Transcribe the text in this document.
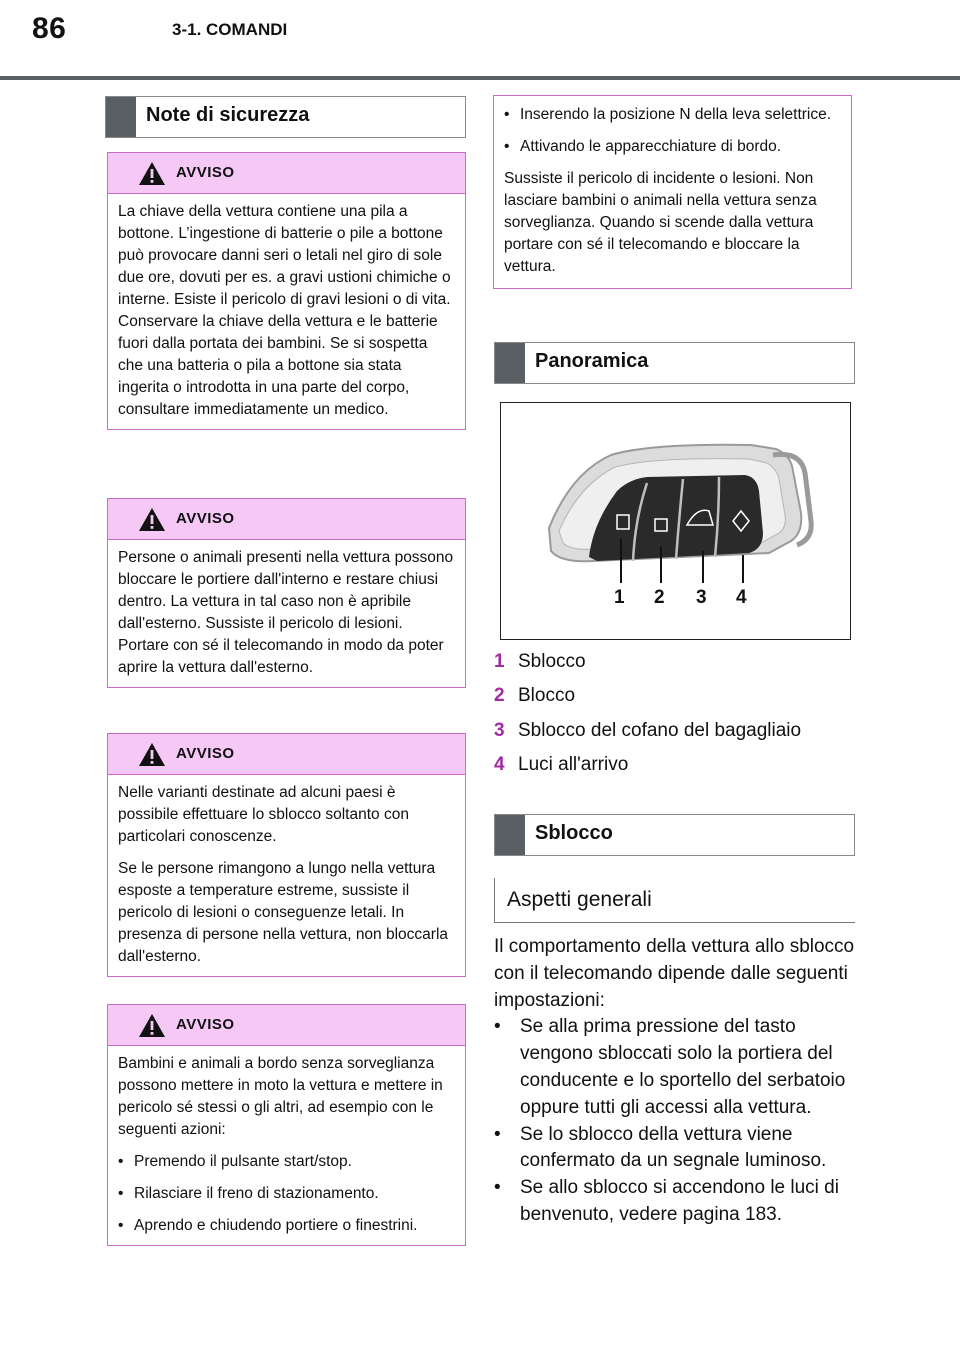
86	3-1. COMANDI
Note di sicurezza
AVVISO

La chiave della vettura contiene una pila a bottone. L’ingestione di batterie o pile a bottone può provocare danni seri o letali nel giro di sole due ore, dovuti per es. a gravi ustioni chimiche o interne. Esiste il pericolo di gravi lesioni o di vita. Conservare la chiave della vettura e le batterie fuori dalla portata dei bambini. Se si sospetta che una batteria o pila a bottone sia stata ingerita o introdotta in una parte del corpo, consultare immediatamente un medico.

AVVISO

Persone o animali presenti nella vettura possono bloccare le portiere dall'interno e restare chiusi dentro. La vettura in tal caso non è apribile dall'esterno. Sussiste il pericolo di lesioni. Portare con sé il telecomando in modo da poter aprire la vettura dall'esterno.

AVVISO

Nelle varianti destinate ad alcuni paesi è possibile effettuare lo sblocco soltanto con particolari conoscenze.

Se le persone rimangono a lungo nella vettura esposte a temperature estreme, sussiste il pericolo di lesioni o conseguenze letali. In presenza di persone nella vettura, non bloccarla dall'esterno.

AVVISO

Bambini e animali a bordo senza sorveglianza possono mettere in moto la vettura e mettere in pericolo sé stessi o gli altri, ad esempio con le seguenti azioni:

• Premendo il pulsante start/stop.
• Rilasciare il freno di stazionamento.
• Aprendo e chiudendo portiere o finestrini.
• Inserendo la posizione N della leva selettrice.
• Attivando le apparecchiature di bordo.

Sussiste il pericolo di incidente o lesioni. Non lasciare bambini o animali nella vettura senza sorveglianza. Quando si scende dalla vettura portare con sé il telecomando e bloccare la vettura.

Panoramica
1 2 3 4
1 Sblocco
2 Blocco
3 Sblocco del cofano del bagagliaio
4 Luci all'arrivo
Sblocco
Aspetti generali

Il comportamento della vettura allo sblocco con il telecomando dipende dalle seguenti impostazioni:

•	Se alla prima pressione del tasto vengono sbloccati solo la portiera del conducente e lo sportello del serbatoio oppure tutti gli accessi alla vettura.
•	Se lo sblocco della vettura viene confermato da un segnale luminoso.
•	Se allo sblocco si accendono le luci di benvenuto, vedere pagina 183.
